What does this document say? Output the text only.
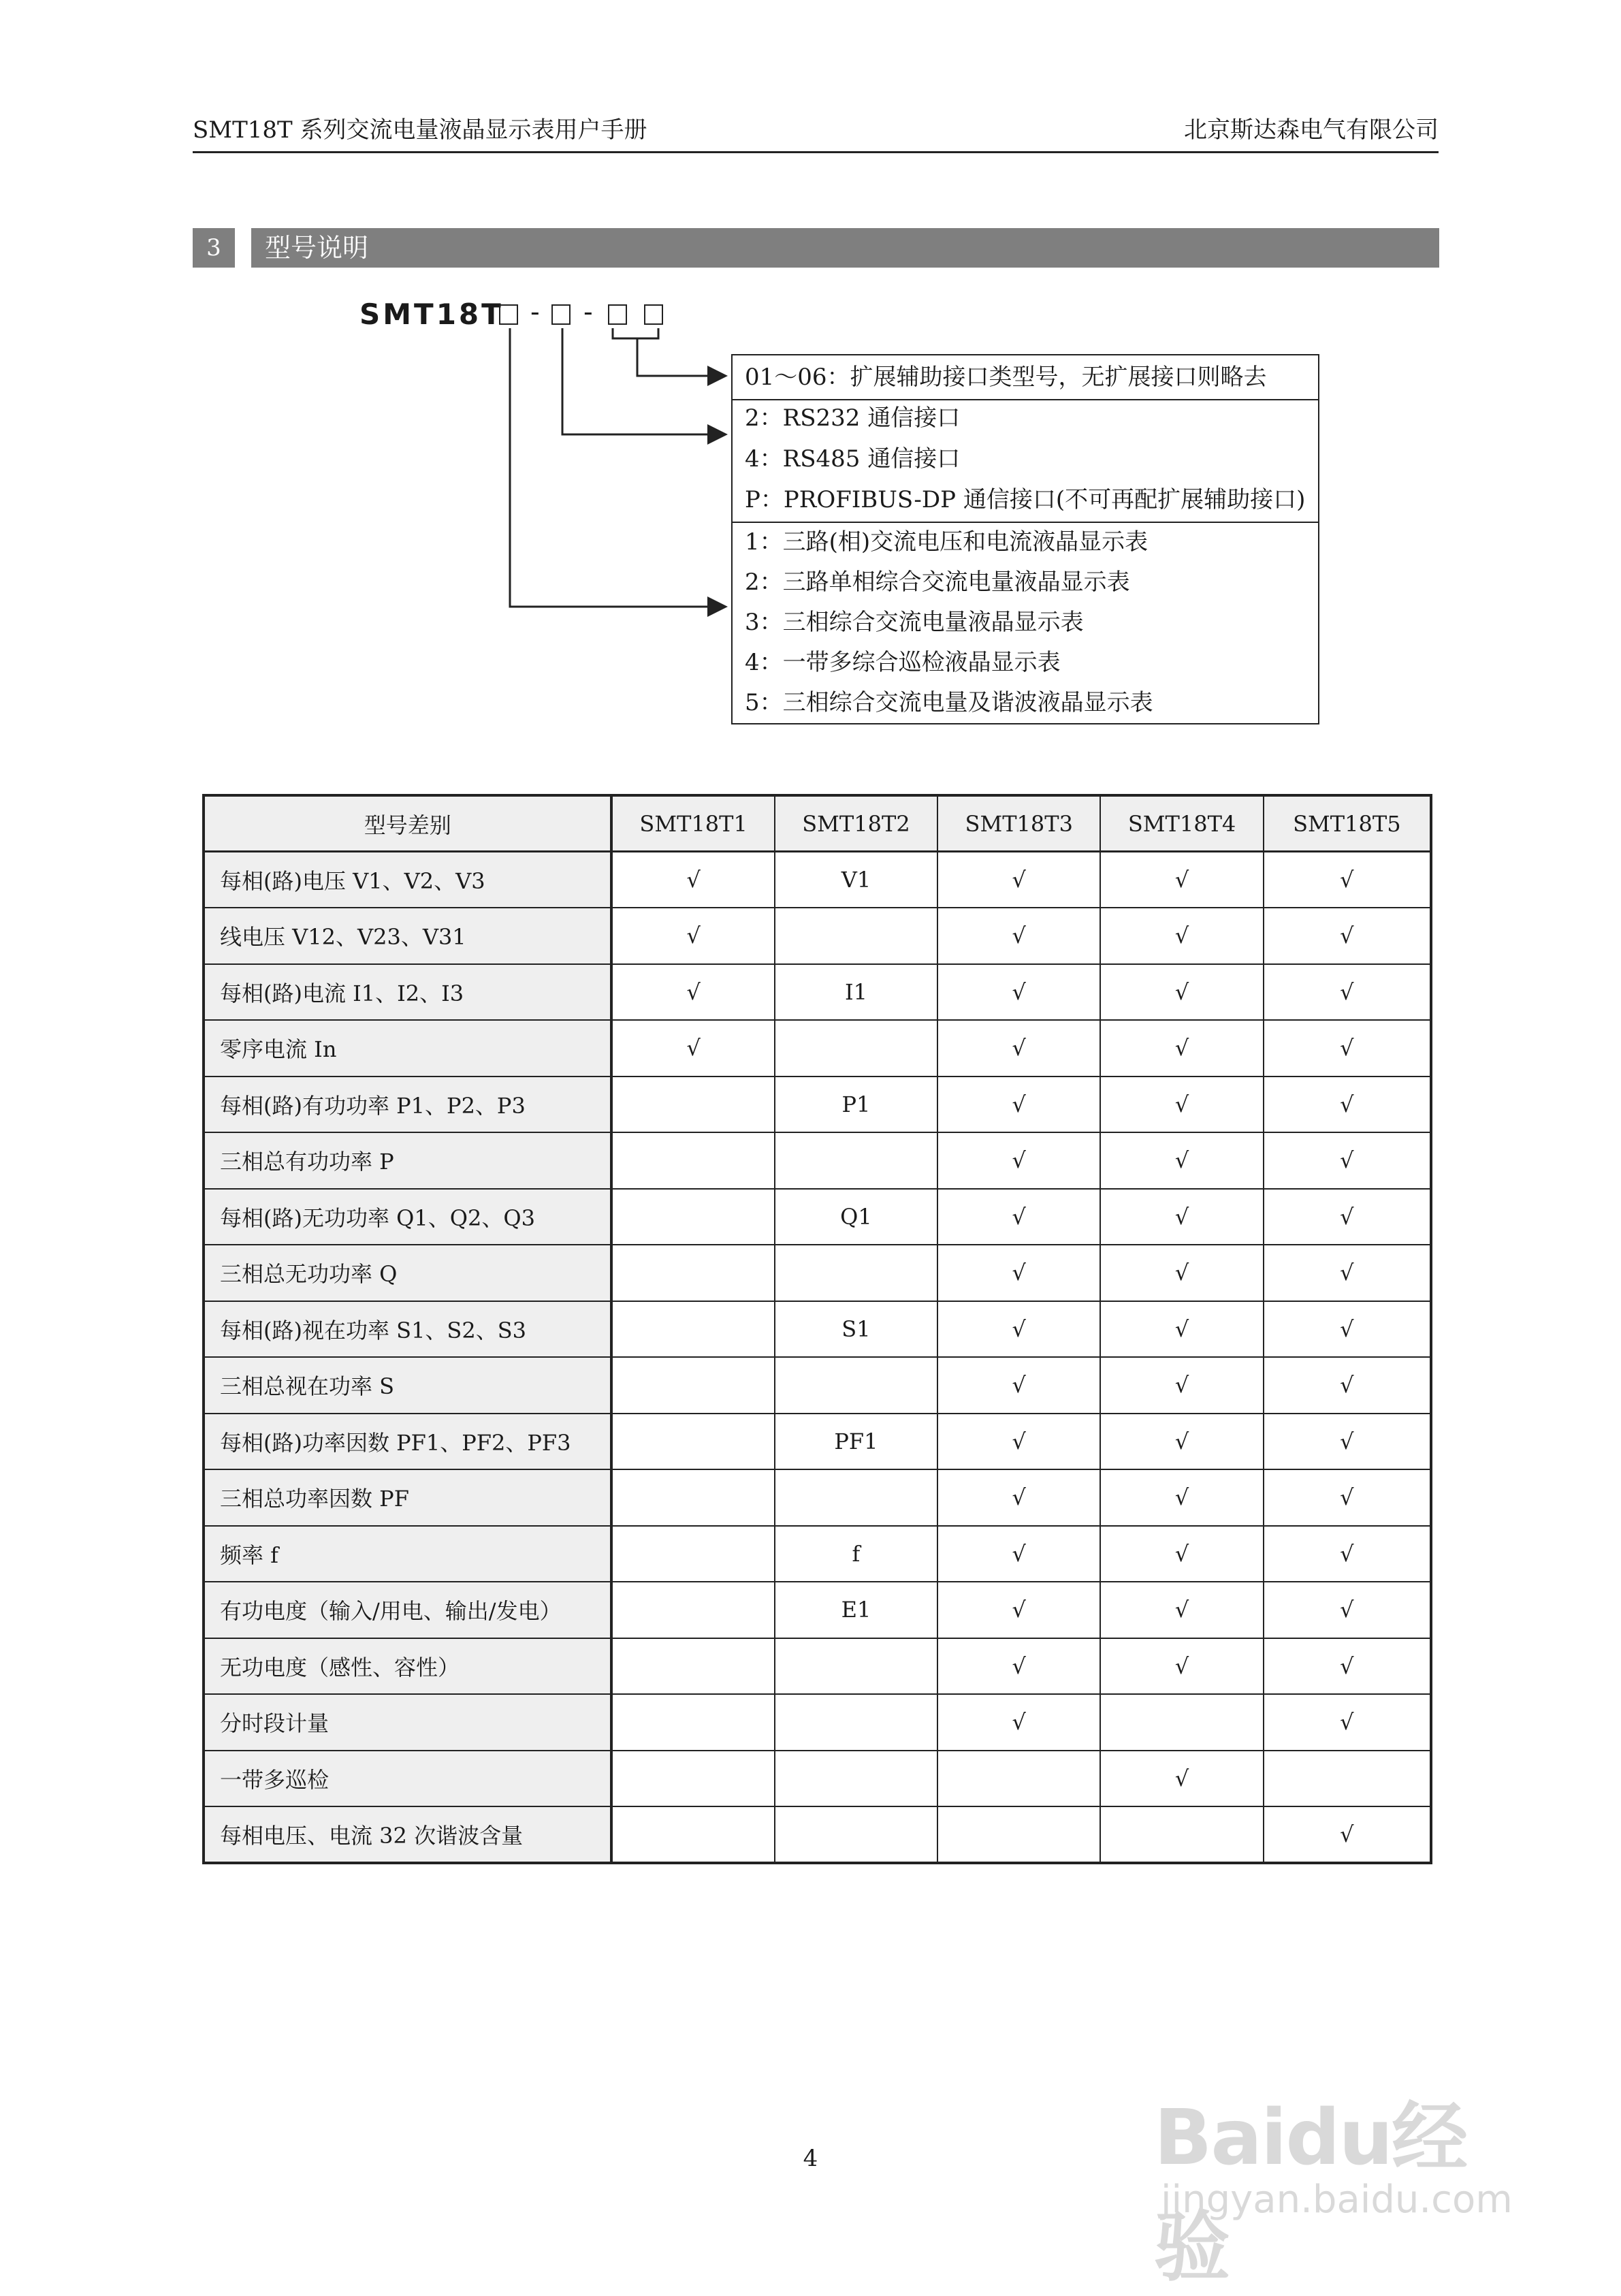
SMT18T 系列交流电量液晶显示表用户手册	北京斯达森电气有限公司
3	型号说明
SMT18T - -
01～06：扩展辅助接口类型号，无扩展接口则略去
2：RS232 通信接口
4：RS485 通信接口
P：PROFIBUS-DP 通信接口(不可再配扩展辅助接口)
1：三路(相)交流电压和电流液晶显示表
2：三路单相综合交流电量液晶显示表
3：三相综合交流电量液晶显示表
4：一带多综合巡检液晶显示表
5：三相综合交流电量及谐波液晶显示表
型号差别	SMT18T1	SMT18T2	SMT18T3	SMT18T4	SMT18T5
每相(路)电压 V1、V2、V3	√	V1	√	√	√
线电压 V12、V23、V31	√		√	√	√
每相(路)电流 I1、I2、I3	√	I1	√	√	√
零序电流 In	√		√	√	√
每相(路)有功功率 P1、P2、P3		P1	√	√	√
三相总有功功率 P			√	√	√
每相(路)无功功率 Q1、Q2、Q3		Q1	√	√	√
三相总无功功率 Q			√	√	√
每相(路)视在功率 S1、S2、S3		S1	√	√	√
三相总视在功率 S			√	√	√
每相(路)功率因数 PF1、PF2、PF3		PF1	√	√	√
三相总功率因数 PF			√	√	√
频率 f		f	√	√	√
有功电度（输入/用电、输出/发电）		E1	√	√	√
无功电度（感性、容性）			√	√	√
分时段计量			√		√
一带多巡检				√	
每相电压、电流 32 次谐波含量					√
4	Baidu经验
jingyan.baidu.com
